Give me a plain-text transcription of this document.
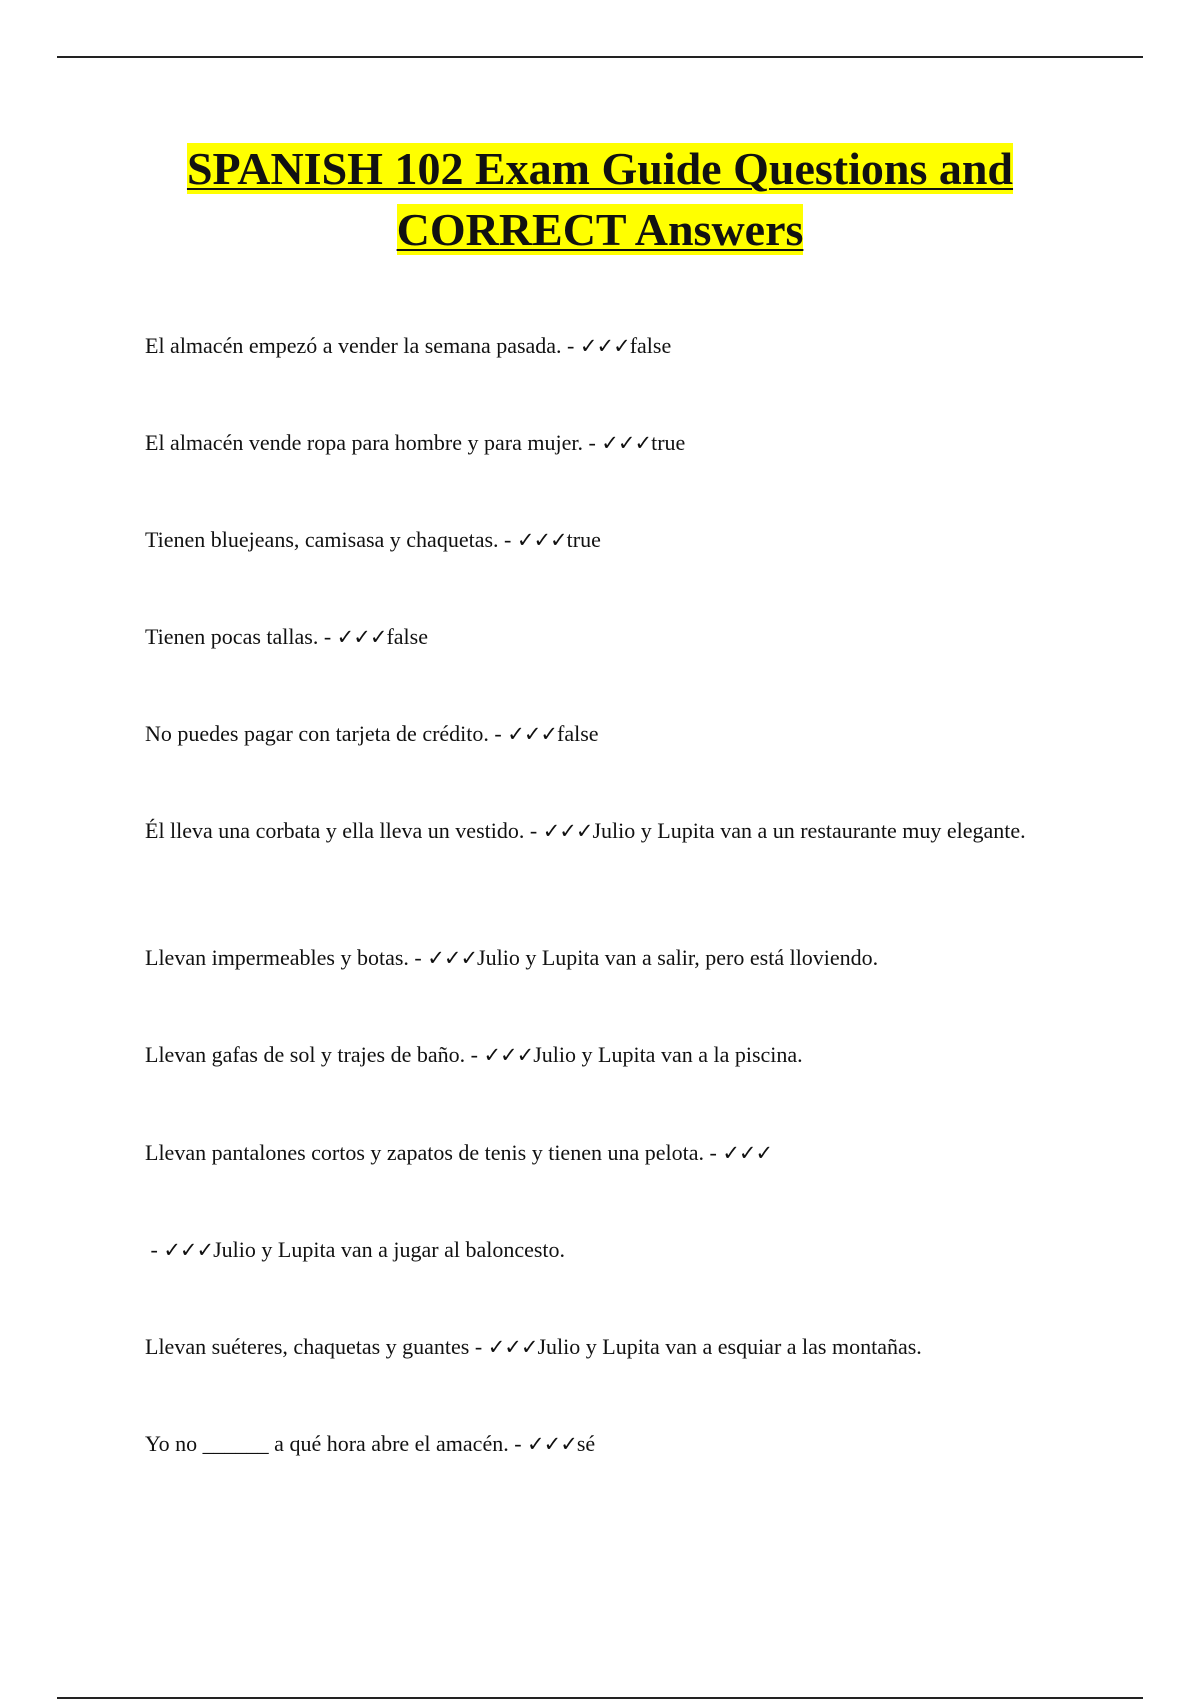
SPANISH 102 Exam Guide Questions and
CORRECT Answers

El almacén empezó a vender la semana pasada. - ✓✓✓false

El almacén vende ropa para hombre y para mujer. - ✓✓✓true

Tienen bluejeans, camisasa y chaquetas. - ✓✓✓true

Tienen pocas tallas. - ✓✓✓false

No puedes pagar con tarjeta de crédito. - ✓✓✓false

Él lleva una corbata y ella lleva un vestido. - ✓✓✓Julio y Lupita van a un restaurante muy elegante.

Llevan impermeables y botas. - ✓✓✓Julio y Lupita van a salir, pero está lloviendo.

Llevan gafas de sol y trajes de baño. - ✓✓✓Julio y Lupita van a la piscina.

Llevan pantalones cortos y zapatos de tenis y tienen una pelota. - ✓✓✓

- ✓✓✓Julio y Lupita van a jugar al baloncesto.

Llevan suéteres, chaquetas y guantes - ✓✓✓Julio y Lupita van a esquiar a las montañas.

Yo no ______ a qué hora abre el amacén. - ✓✓✓sé
